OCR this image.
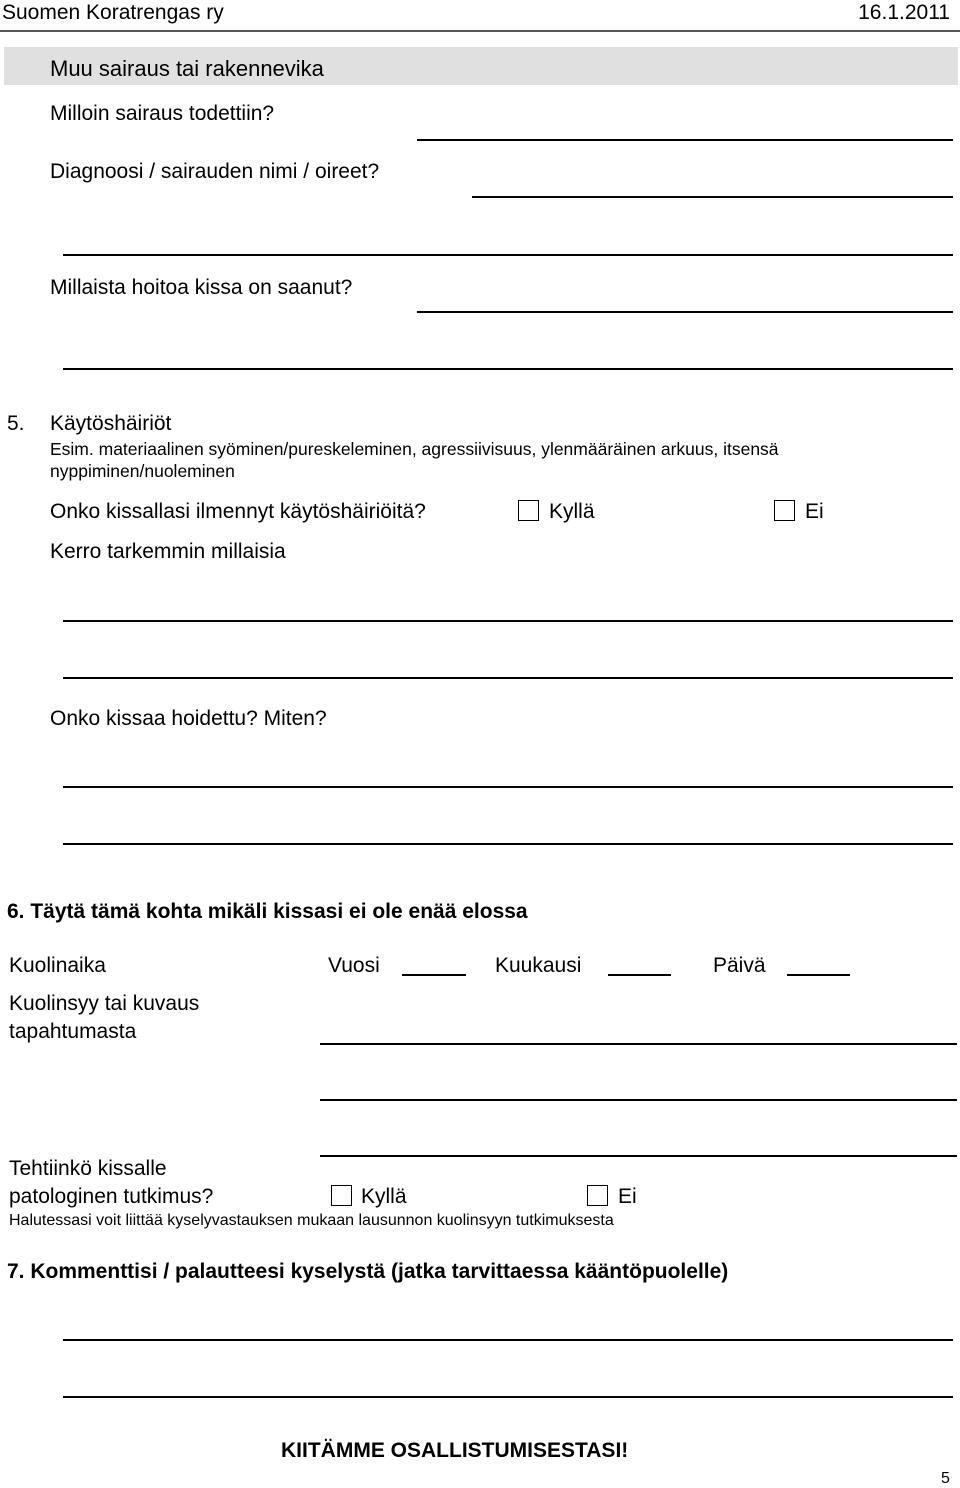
Suomen Koratrengas ry	16.1.2011
Muu sairaus tai rakennevika
Milloin sairaus todettiin?
Diagnoosi / sairauden nimi / oireet?
Millaista hoitoa kissa on saanut?
5. Käytöshäiriöt
Esim. materiaalinen syöminen/pureskeleminen, agressiivisuus, ylenmääräinen arkuus, itsensä
nyppiminen/nuoleminen
Onko kissallasi ilmennyt käytöshäiriöitä?	Kyllä	Ei
Kerro tarkemmin millaisia
Onko kissaa hoidettu? Miten?
6. Täytä tämä kohta mikäli kissasi ei ole enää elossa
Kuolinaika	Vuosi	Kuukausi	Päivä
Kuolinsyy tai kuvaus
tapahtumasta
Tehtiinkö kissalle
patologinen tutkimus?	Kyllä	Ei
Halutessasi voit liittää kyselyvastauksen mukaan lausunnon kuolinsyyn tutkimuksesta
7. Kommenttisi / palautteesi kyselystä (jatka tarvittaessa kääntöpuolelle)
KIITÄMME OSALLISTUMISESTASI!
5
